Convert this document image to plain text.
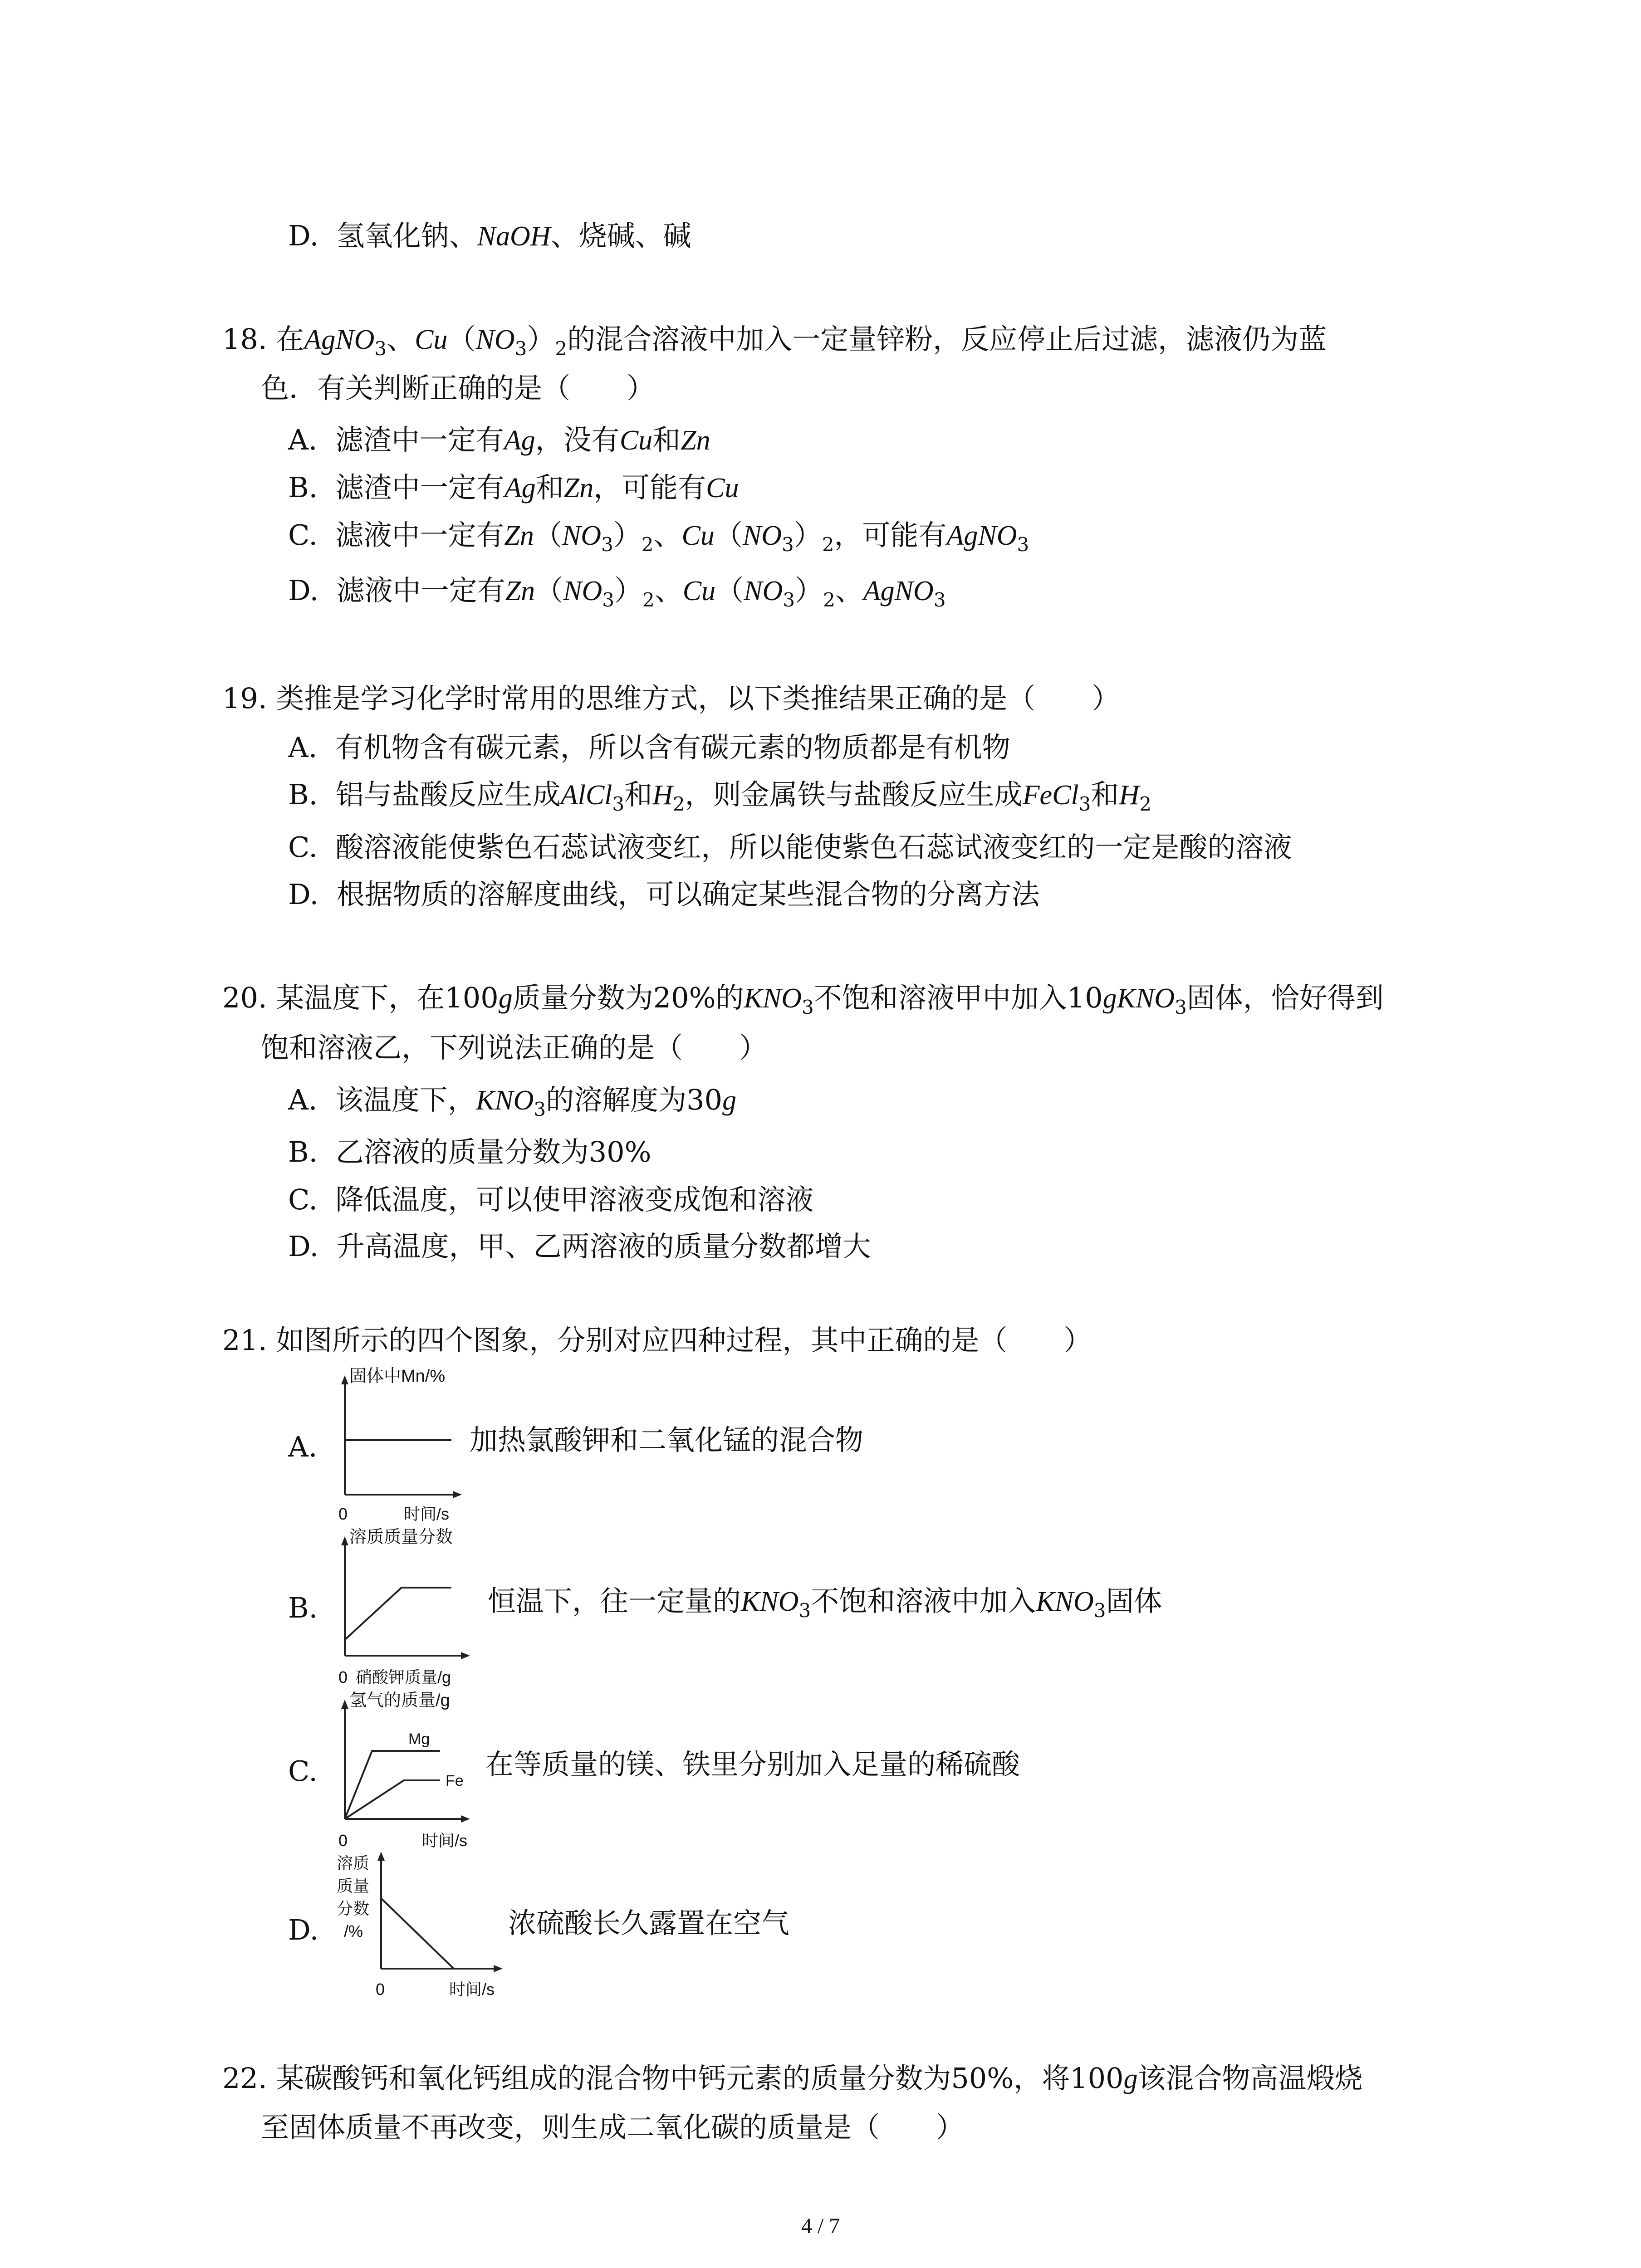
D. 氢氧化钠、NaOH、烧碱、碱
18. 在AgNO$_3$、$Cu(NO_3)_2$的混合溶液中加入一定量锌粉，反应停止后过滤，滤液仍为蓝
色．有关判断正确的是（　　）
A. 滤渣中一定有Ag，没有Cu和Zn
B. 滤渣中一定有Ag和Zn，可能有Cu
C. 滤液中一定有$Zn(NO_3)_2$、$Cu(NO_3)_2$，可能有AgNO$_3$
D. 滤液中一定有$Zn(NO_3)_2$、$Cu(NO_3)_2$、AgNO$_3$
19. 类推是学习化学时常用的思维方式，以下类推结果正确的是（　　）
A. 有机物含有碳元素，所以含有碳元素的物质都是有机物
B. 铝与盐酸反应生成AlCl$_3$和$H_2$，则金属铁与盐酸反应生成FeCl$_3$和$H_2$
C. 酸溶液能使紫色石蕊试液变红，所以能使紫色石蕊试液变红的一定是酸的溶液
D. 根据物质的溶解度曲线，可以确定某些混合物的分离方法
20. 某温度下，在100g质量分数为20%的$KNO_3$不饱和溶液甲中加入10gKNO$_3$固体，恰好得到
饱和溶液乙，下列说法正确的是（　　）
A. 该温度下，$KNO_3$的溶解度为30g
B. 乙溶液的质量分数为30%
C. 降低温度，可以使甲溶液变成饱和溶液
D. 升高温度，甲、乙两溶液的质量分数都增大
21. 如图所示的四个图象，分别对应四种过程，其中正确的是（　　）
A.
固体中Mn/%
0	时间/s
加热氯酸钾和二氧化锰的混合物
B.
溶质质量分数
0 硝酸钾质量/g
恒温下，往一定量的$KNO_3$不饱和溶液中加入$KNO_3$固体
C.
氢气的质量/g
Mg
Fe
0	时间/s
在等质量的镁、铁里分别加入足量的稀硫酸
D.
溶质
质量
分数
/%
0	时间/s
浓硫酸长久露置在空气
22. 某碳酸钙和氧化钙组成的混合物中钙元素的质量分数为50%，将100g该混合物高温煅烧
至固体质量不再改变，则生成二氧化碳的质量是（　　）
4 / 7
